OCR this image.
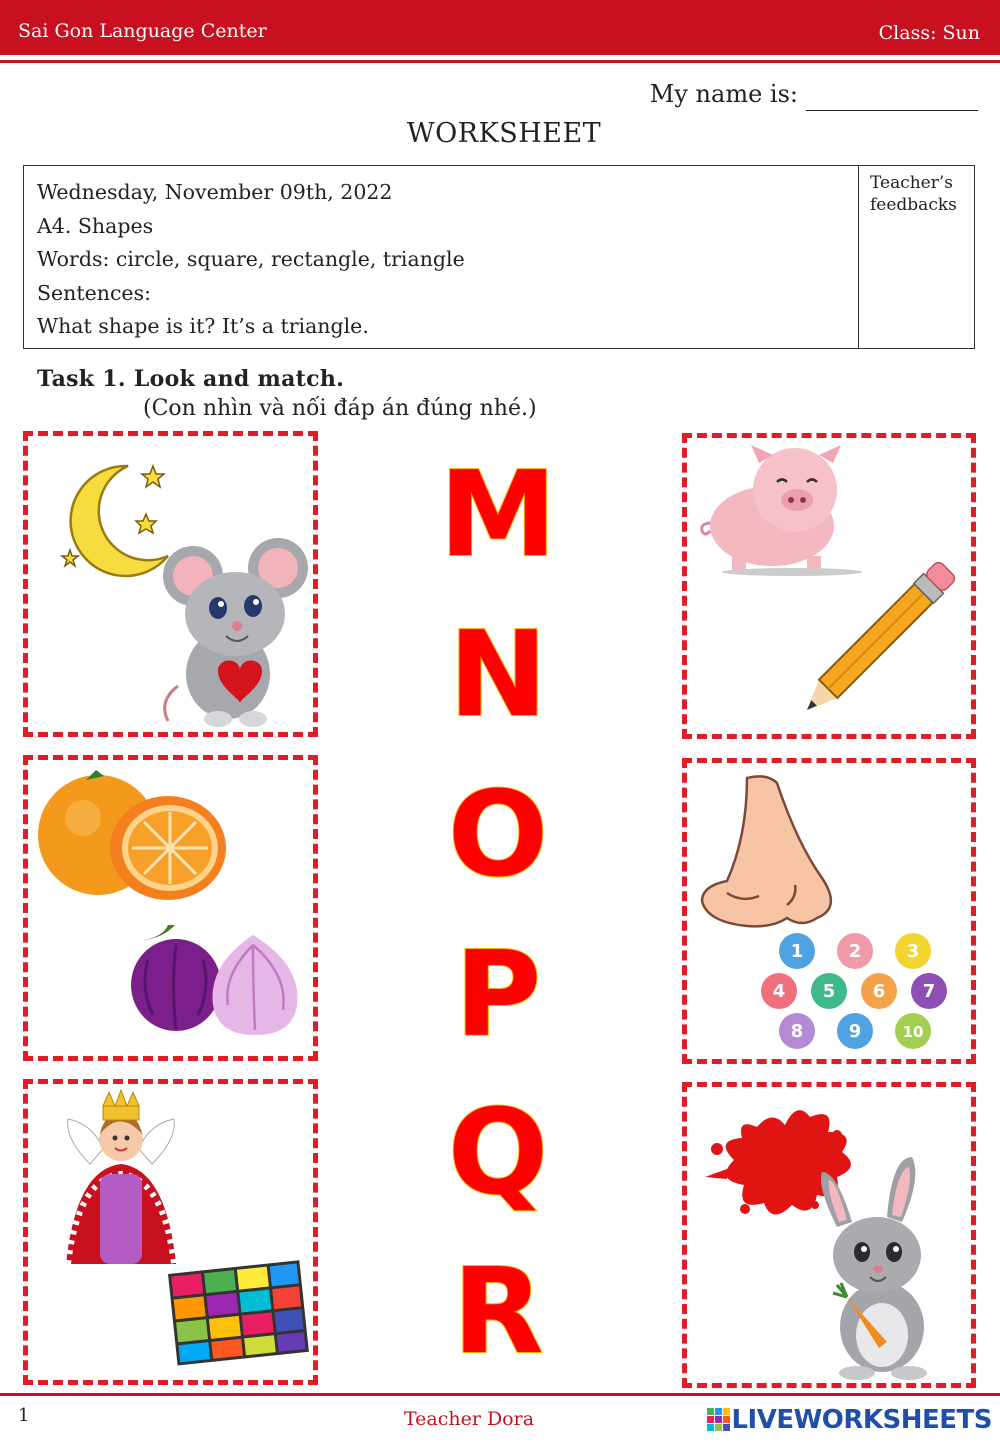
Sai Gon Language Center	Class: Sun
My name is:
WORKSHEET
Wednesday, November 09th, 2022
A4. Shapes
Words: circle, square, rectangle, triangle
Sentences:
What shape is it? It’s a triangle.
Teacher’s
feedbacks
Task 1. Look and match.
(Con nhìn và nối đáp án đúng nhé.)
M
N
O
P
Q
R
1	2	3
4 5 6 7
8	9	10
1	Teacher Dora	LIVEWORKSHEETS
